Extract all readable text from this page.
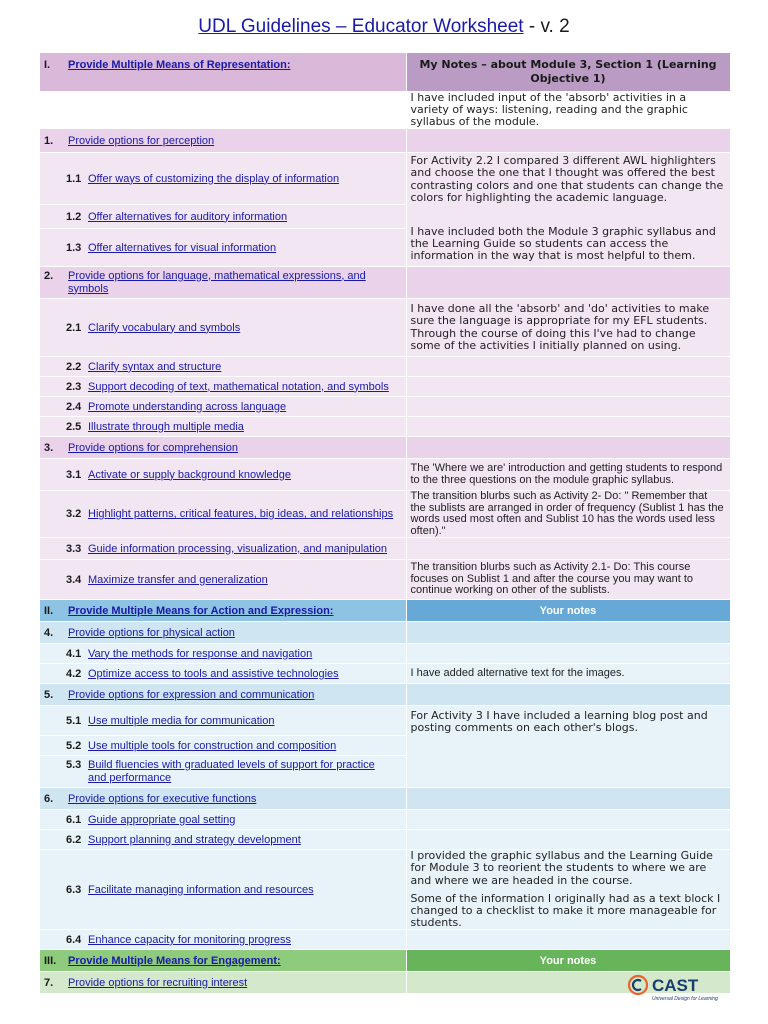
UDL Guidelines – Educator Worksheet - v. 2
I. Provide Multiple Means of Representation:	My Notes – about Module 3, Section 1 (Learning Objective 1)
	I have included input of the 'absorb' activities in a variety of ways: listening, reading and the graphic syllabus of the module.
1. Provide options for perception	
1.1 Offer ways of customizing the display of information	For Activity 2.2 I compared 3 different AWL highlighters and choose the one that I thought was offered the best contrasting colors and one that students can change the colors for highlighting the academic language.
I have included both the Module 3 graphic syllabus and the Learning Guide so students can access the information in the way that is most helpful to them.

1.2 Offer alternatives for auditory information	
1.3 Offer alternatives for visual information	
2. Provide options for language, mathematical expressions, and symbols	
2.1 Clarify vocabulary and symbols	I have done all the 'absorb' and 'do' activities to make sure the language is appropriate for my EFL students. Through the course of doing this I've had to change some of the activities I initially planned on using.
2.2 Clarify syntax and structure	
2.3 Support decoding of text, mathematical notation, and symbols	
2.4 Promote understanding across language	
2.5 Illustrate through multiple media	
3. Provide options for comprehension	
3.1 Activate or supply background knowledge	The 'Where we are' introduction and getting students to respond to the three questions on the module graphic syllabus.
3.2 Highlight patterns, critical features, big ideas, and relationships	The transition blurbs such as Activity 2- Do: " Remember that the sublists are arranged in order of frequency (Sublist 1 has the words used most often and Sublist 10 has the words used less often)."
3.3 Guide information processing, visualization, and manipulation	
3.4 Maximize transfer and generalization	The transition blurbs such as Activity 2.1- Do: This course focuses on Sublist 1 and after the course you may want to continue working on other of the sublists.
II. Provide Multiple Means for Action and Expression:	Your notes
4. Provide options for physical action	
4.1 Vary the methods for response and navigation	
4.2 Optimize access to tools and assistive technologies	I have added alternative text for the images.
5. Provide options for expression and communication	
5.1 Use multiple media for communication	For Activity 3 I have included a learning blog post and posting comments on each other's blogs.
5.2 Use multiple tools for construction and composition	
5.3 Build fluencies with graduated levels of support for practice and performance	
6. Provide options for executive functions	
6.1 Guide appropriate goal setting	
6.2 Support planning and strategy development	
6.3 Facilitate managing information and resources	I provided the graphic syllabus and the Learning Guide for Module 3 to reorient the students to where we are and where we are headed in the course.
Some of the information I originally had as a text block I changed to a checklist to make it more manageable for students.

6.4 Enhance capacity for monitoring progress	
III. Provide Multiple Means for Engagement:	Your notes
7. Provide options for recruiting interest		CAST
Universal Design for Learning
